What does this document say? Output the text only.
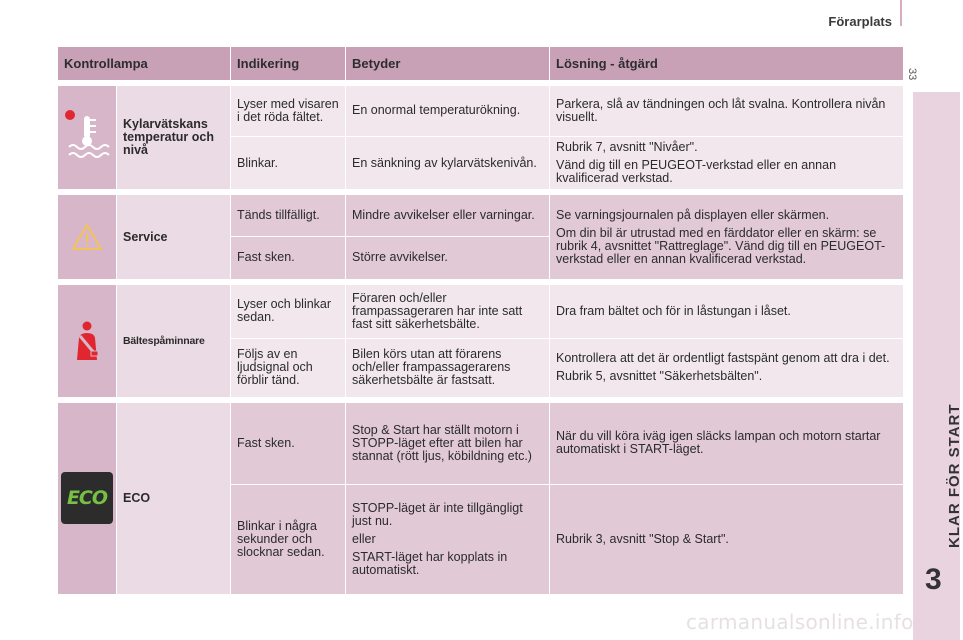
Förarplats
33
KLAR FÖR START
3
Kontrollampa		Indikering	Betyder	Lösning - åtgärd
	Kylarvätskans temperatur och nivå	Lyser med visaren i det röda fältet.	En onormal temperaturökning.	Parkera, slå av tändningen och låt svalna. Kontrollera nivån visuellt.
		Blinkar.	En sänkning av kylarvätskenivån.	Rubrik 7, avsnitt "Nivåer".
Vänd dig till en PEUGEOT-verkstad eller en annan kvalificerad verkstad.

	Service	Tänds tillfälligt.	Mindre avvikelser eller varningar.	Se varningsjournalen på displayen eller skärmen.
Om din bil är utrustad med en färddator eller en skärm: se rubrik 4, avsnittet "Rattreglage". Vänd dig till en PEUGEOT-verkstad eller en annan kvalificerad verkstad.

		Fast sken.	Större avvikelser.	
	Bältespåminnare	Lyser och blinkar sedan.	Föraren och/eller frampassageraren har inte satt fast sitt säkerhetsbälte.	Dra fram bältet och för in låstungan i låset.
		Följs av en ljudsignal och förblir tänd.	Bilen körs utan att förarens och/eller frampassagerarens säkerhetsbälte är fastsatt.	Kontrollera att det är ordentligt fastspänt genom att dra i det.
Rubrik 5, avsnittet "Säkerhetsbälten".

ECO	ECO	Fast sken.	Stop & Start har ställt motorn i STOPP-läget efter att bilen har stannat (rött ljus, köbildning etc.)	När du vill köra iväg igen släcks lampan och motorn startar automatiskt i START-läget.
		Blinkar i några sekunder och slocknar sedan.	STOPP-läget är inte tillgängligt just nu.
eller
START-läget har kopplats in automatiskt.	Rubrik 3, avsnitt "Stop & Start".
carmanualsonline.info
